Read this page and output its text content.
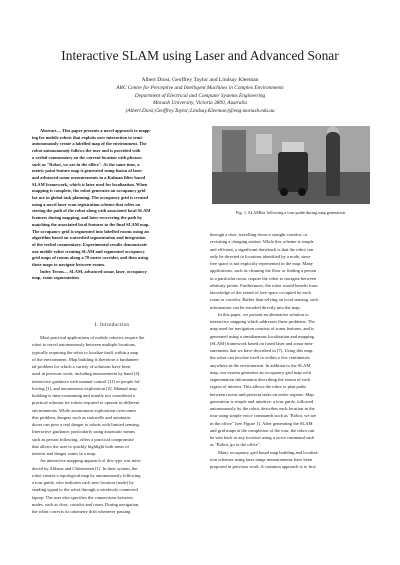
Interactive SLAM using Laser and Advanced Sonar
Albert Diosi, Geoffrey Taylor and Lindsay Kleeman
ARC Centre for Perceptive and Intelligent Machines in Complex Environments
Department of Electrical and Computer Systems Engineering
Monash University, Victoria 3800, Australia
{Albert.Diosi;Geoffrey.Taylor;Lindsay.Kleeman}@eng.monash.edu.au
Abstract— This paper presents a novel approach to mapp-
ing for mobile robots that exploits user interaction to semi-
autonomously create a labelled map of the environment. The
robot autonomously follows the user and is provided with
a verbal commentary on the current location with phrases
such as "Robot, we are in the office". At the same time, a
metric point feature map is generated using fusion of laser
and advanced sonar measurements in a Kalman filter based
SLAM framework, which is later used for localization. When
mapping is complete, the robot generates an occupancy grid
for use in global task planning. The occupancy grid is created
using a novel laser scan registration scheme that relies on
storing the path of the robot along with associated local SLAM
features during mapping, and later recovering the path by
matching the associated local features to the final SLAM map.
The occupancy grid is segmented into labelled rooms using an
algorithm based on watershed segmentation and integration
of the verbal commentary. Experimental results demonstrate
our mobile robot creating SLAM and segmented occupancy
grid maps of rooms along a 70 metre corridor, and then using
these maps to navigate between rooms.
Index Terms— SLAM, advanced sonar, laser, occupancy
map, room segmentation
I. Introduction
Most practical applications of mobile robotics require the
robot to travel autonomously between multiple locations,
typically requiring the robot to localize itself within a map
of the environment. Map building is therefore a fundamen-
tal problem for which a variety of solutions have been
used in previous work, including measurement by hand [4],
interactive guidance with manual control [11] or people fol-
lowing [1], and autonomous exploration [2]. Manual map
building is time-consuming and usually not considered a
practical solution for robots required to operate in different
environments. While autonomous exploration overcomes
this problem, dangers such as stairwells and automatic
doors can pose a real danger to robots with limited sensing.
Interactive guidance, particularly using automatic means
such as person following, offers a practical compromise
that allows the user to quickly highlight both areas of
interest and danger zones in a map.
An interactive mapping approach of this type was intro-
duced by Althaus and Christensen [1]. In their system, the
robot creates a topological map by autonomously following
a tour guide, who indicates each new location (node) by
sending signal to the robot through a wirelessly connected
laptop. The user also specifies the connections between
nodes, such as door, corridor and room. During navigation,
the robot corrects its odometry drift whenever passing
Fig. 1. SLAMbot following a tour guide during map generation.
through a door, travelling down a straight corridor, or
revisiting a charging station. While this scheme is simple
and efficient, a significant drawback is that the robot can
only be directed to locations identified by a node, since
free space is not explicitly represented in the map. Many
applications, such as cleaning the floor or finding a person
in a particular room, require the robot to navigate between
arbitrary points. Furthermore, the robot would benefit from
knowledge of the extent of free space occupied by each
room or corridor. Rather than relying on local sensing, such
information can be encoded directly into the map.
In this paper, we present an alternative solution to
interactive mapping which addresses these problems. The
map used for navigation consists of sonar features, and is
generated using a simultaneous localization and mapping
(SLAM) framework based on fused laser and sonar mea-
surements that we have described in [7]. Using this map,
the robot can localize itself to within a few centimetres
anywhere in the environment. In addition to the SLAM
map, our system generates an occupancy grid map with
segmentation information describing the extent of each
region of interest. This allows the robot to plan paths
between rooms and perform tasks on entire regions. Map
generation is simple and intuitive: a tour guide, followed
autonomously by the robot, describes each location in the
tour using simple voice commands such as "Robot, we are
in the office" (see Figure 1). After generating the SLAM
and grid maps at the completion of the tour, the robot can
be sent back to any location using a voice command such
as "Robot, go to the office".
Many occupancy grid based map building and localiza-
tion schemes using laser range measurements have been
proposed in previous work. A common approach is to first
